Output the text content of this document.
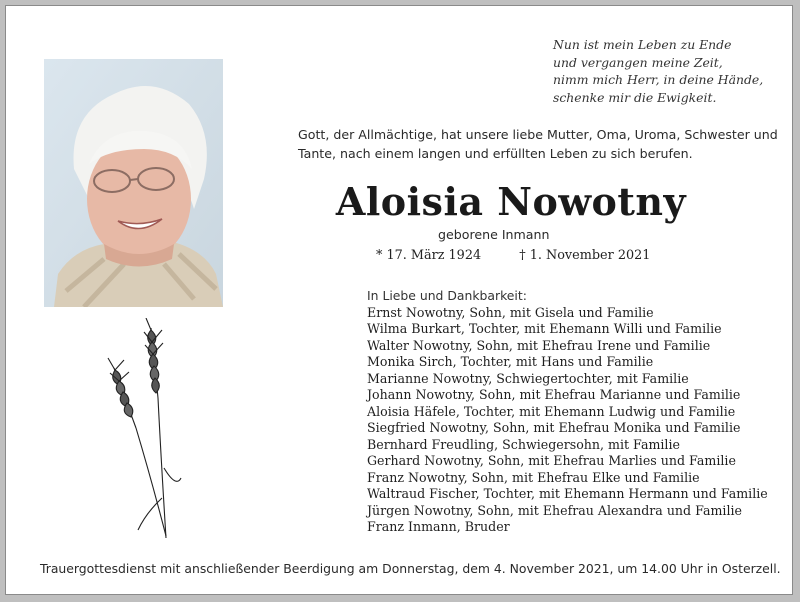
Nun ist mein Leben zu Ende
und vergangen meine Zeit,
nimm mich Herr, in deine Hände,
schenke mir die Ewigkeit.
Gott, der Allmächtige, hat unsere liebe Mutter, Oma, Uroma, Schwester und
Tante, nach einem langen und erfüllten Leben zu sich berufen.
Aloisia Nowotny
geborene Inmann
* 17. März 1924	† 1. November 2021
In Liebe und Dankbarkeit:
Ernst Nowotny, Sohn, mit Gisela und Familie
Wilma Burkart, Tochter, mit Ehemann Willi und Familie
Walter Nowotny, Sohn, mit Ehefrau Irene und Familie
Monika Sirch, Tochter, mit Hans und Familie
Marianne Nowotny, Schwiegertochter, mit Familie
Johann Nowotny, Sohn, mit Ehefrau Marianne und Familie
Aloisia Häfele, Tochter, mit Ehemann Ludwig und Familie
Siegfried Nowotny, Sohn, mit Ehefrau Monika und Familie
Bernhard Freudling, Schwiegersohn, mit Familie
Gerhard Nowotny, Sohn, mit Ehefrau Marlies und Familie
Franz Nowotny, Sohn, mit Ehefrau Elke und Familie
Waltraud Fischer, Tochter, mit Ehemann Hermann und Familie
Jürgen Nowotny, Sohn, mit Ehefrau Alexandra und Familie
Franz Inmann, Bruder
Trauergottesdienst mit anschließender Beerdigung am Donnerstag, dem 4. November 2021, um 14.00 Uhr in Osterzell.
